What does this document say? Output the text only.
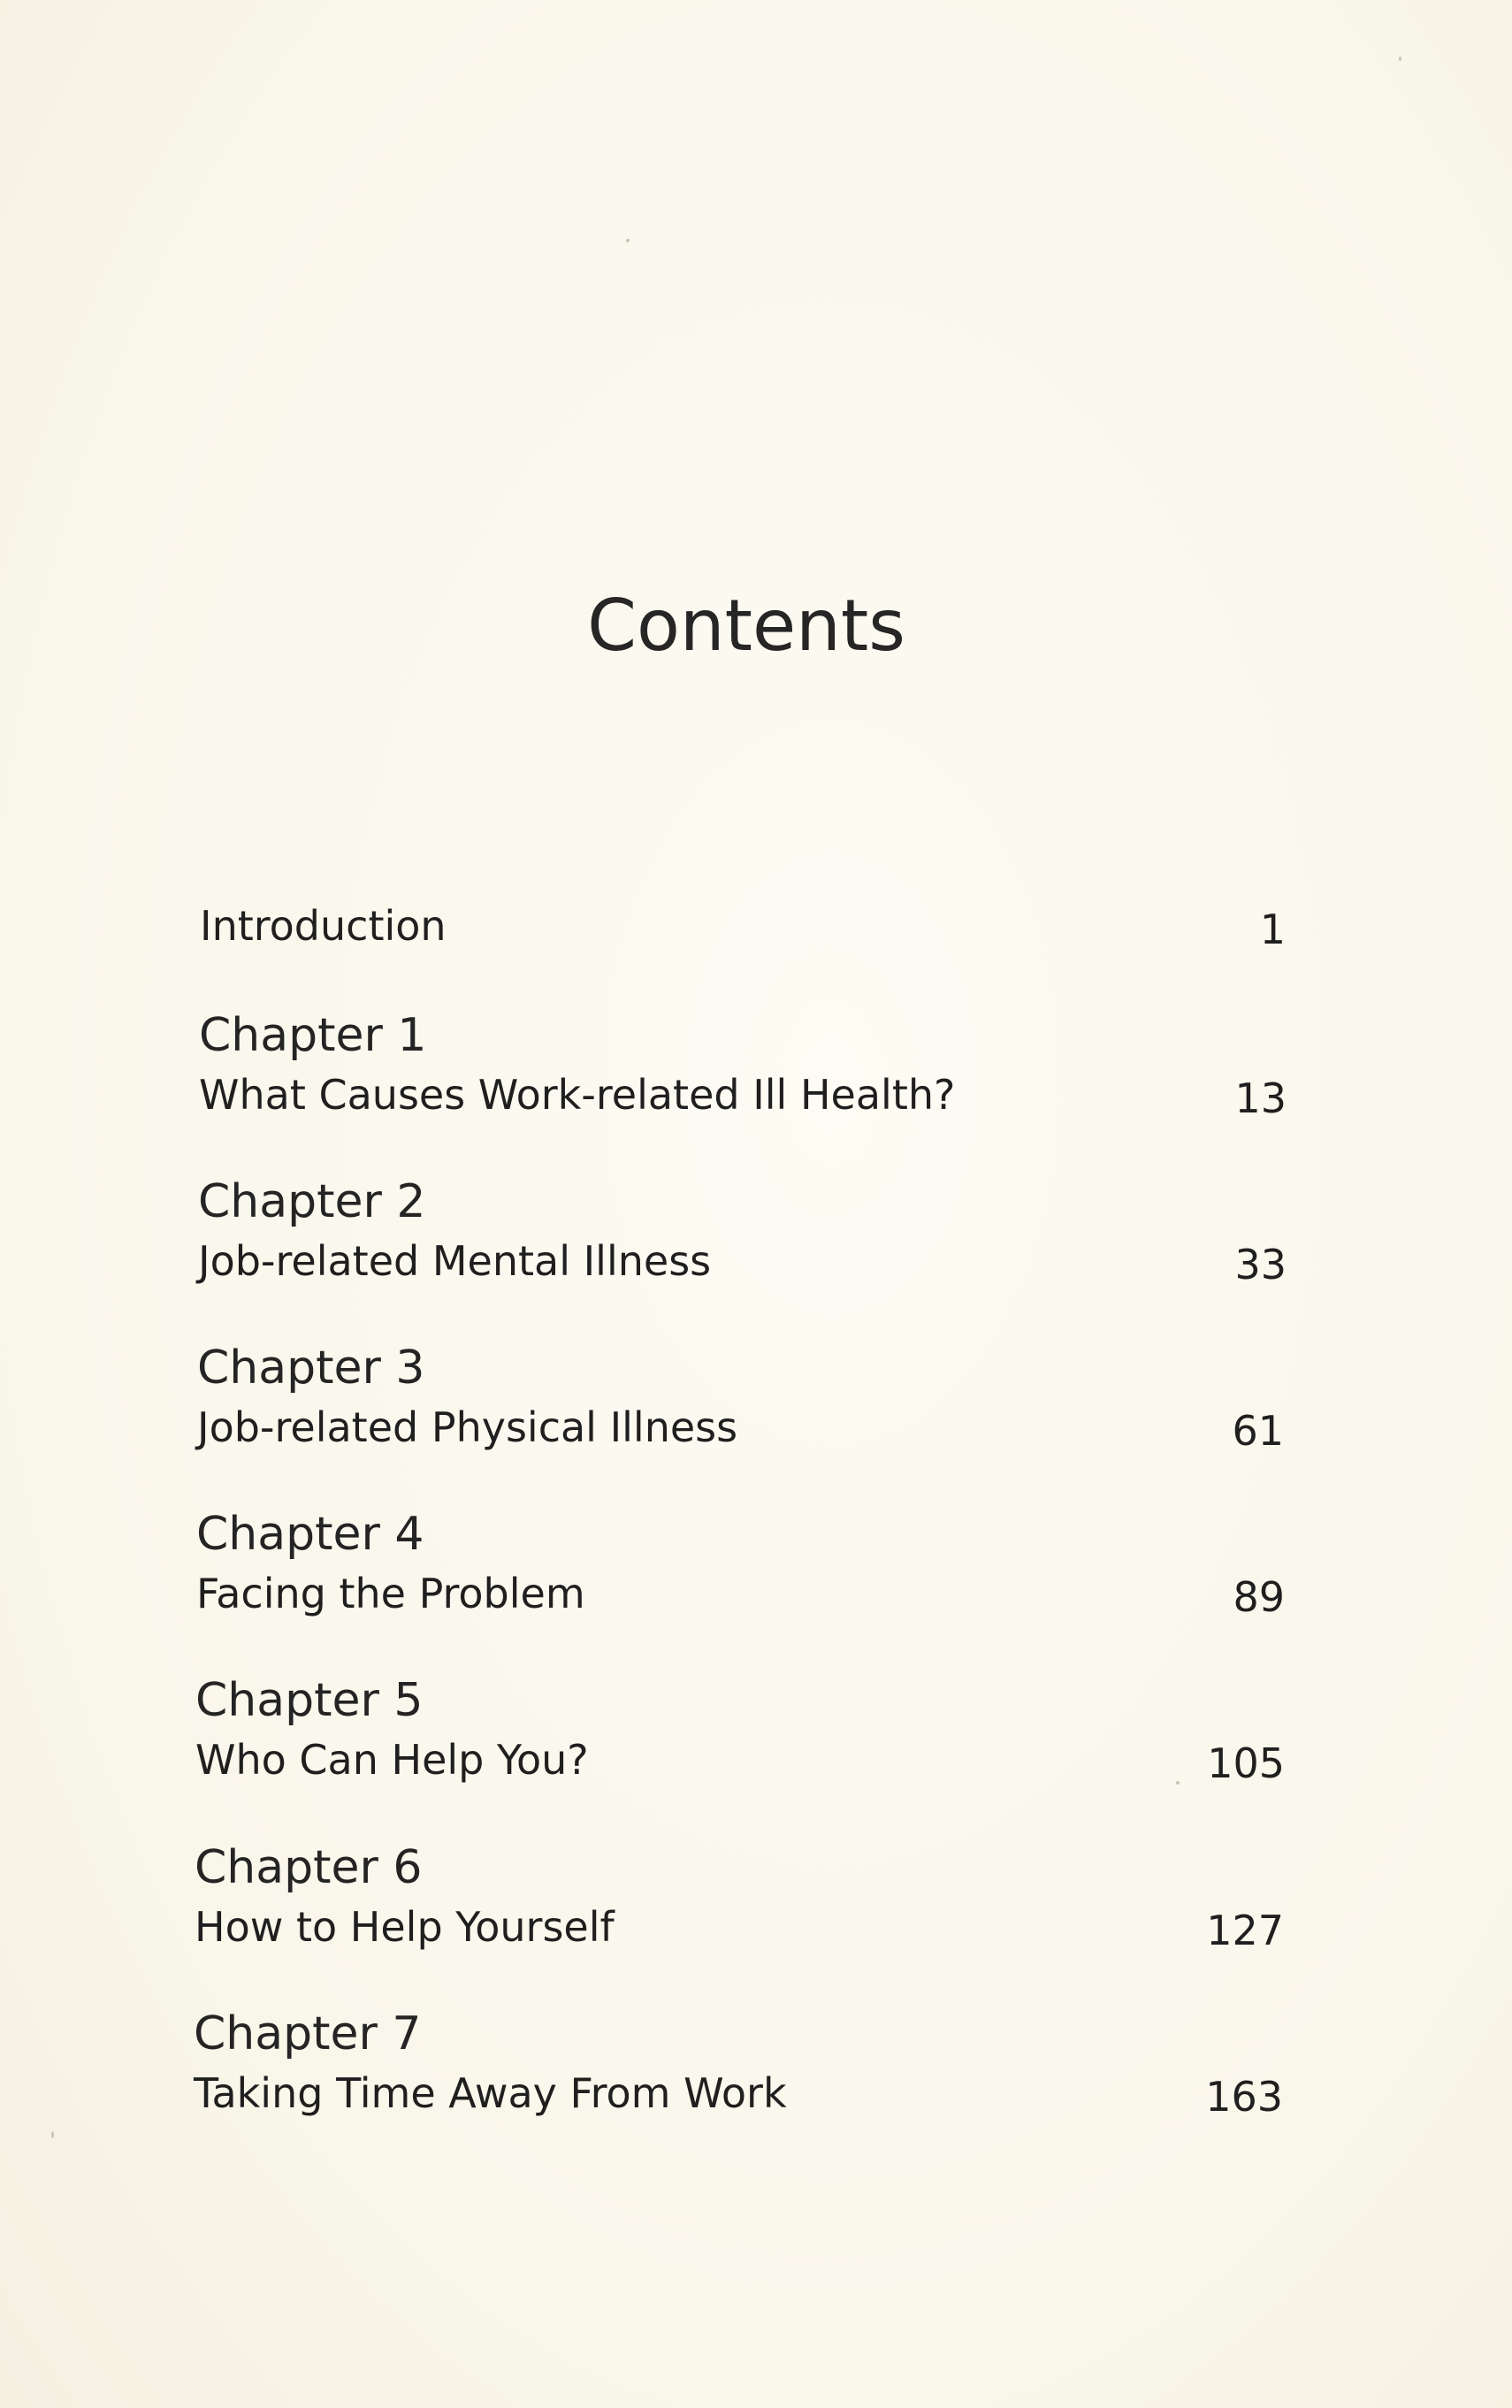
Contents
Introduction	1
Chapter 1
What Causes Work-related Ill Health?	13
Chapter 2
Job-related Mental Illness	33
Chapter 3
Job-related Physical Illness	61
Chapter 4
Facing the Problem	89
Chapter 5
Who Can Help You?	105
Chapter 6
How to Help Yourself	127
Chapter 7
Taking Time Away From Work	163
